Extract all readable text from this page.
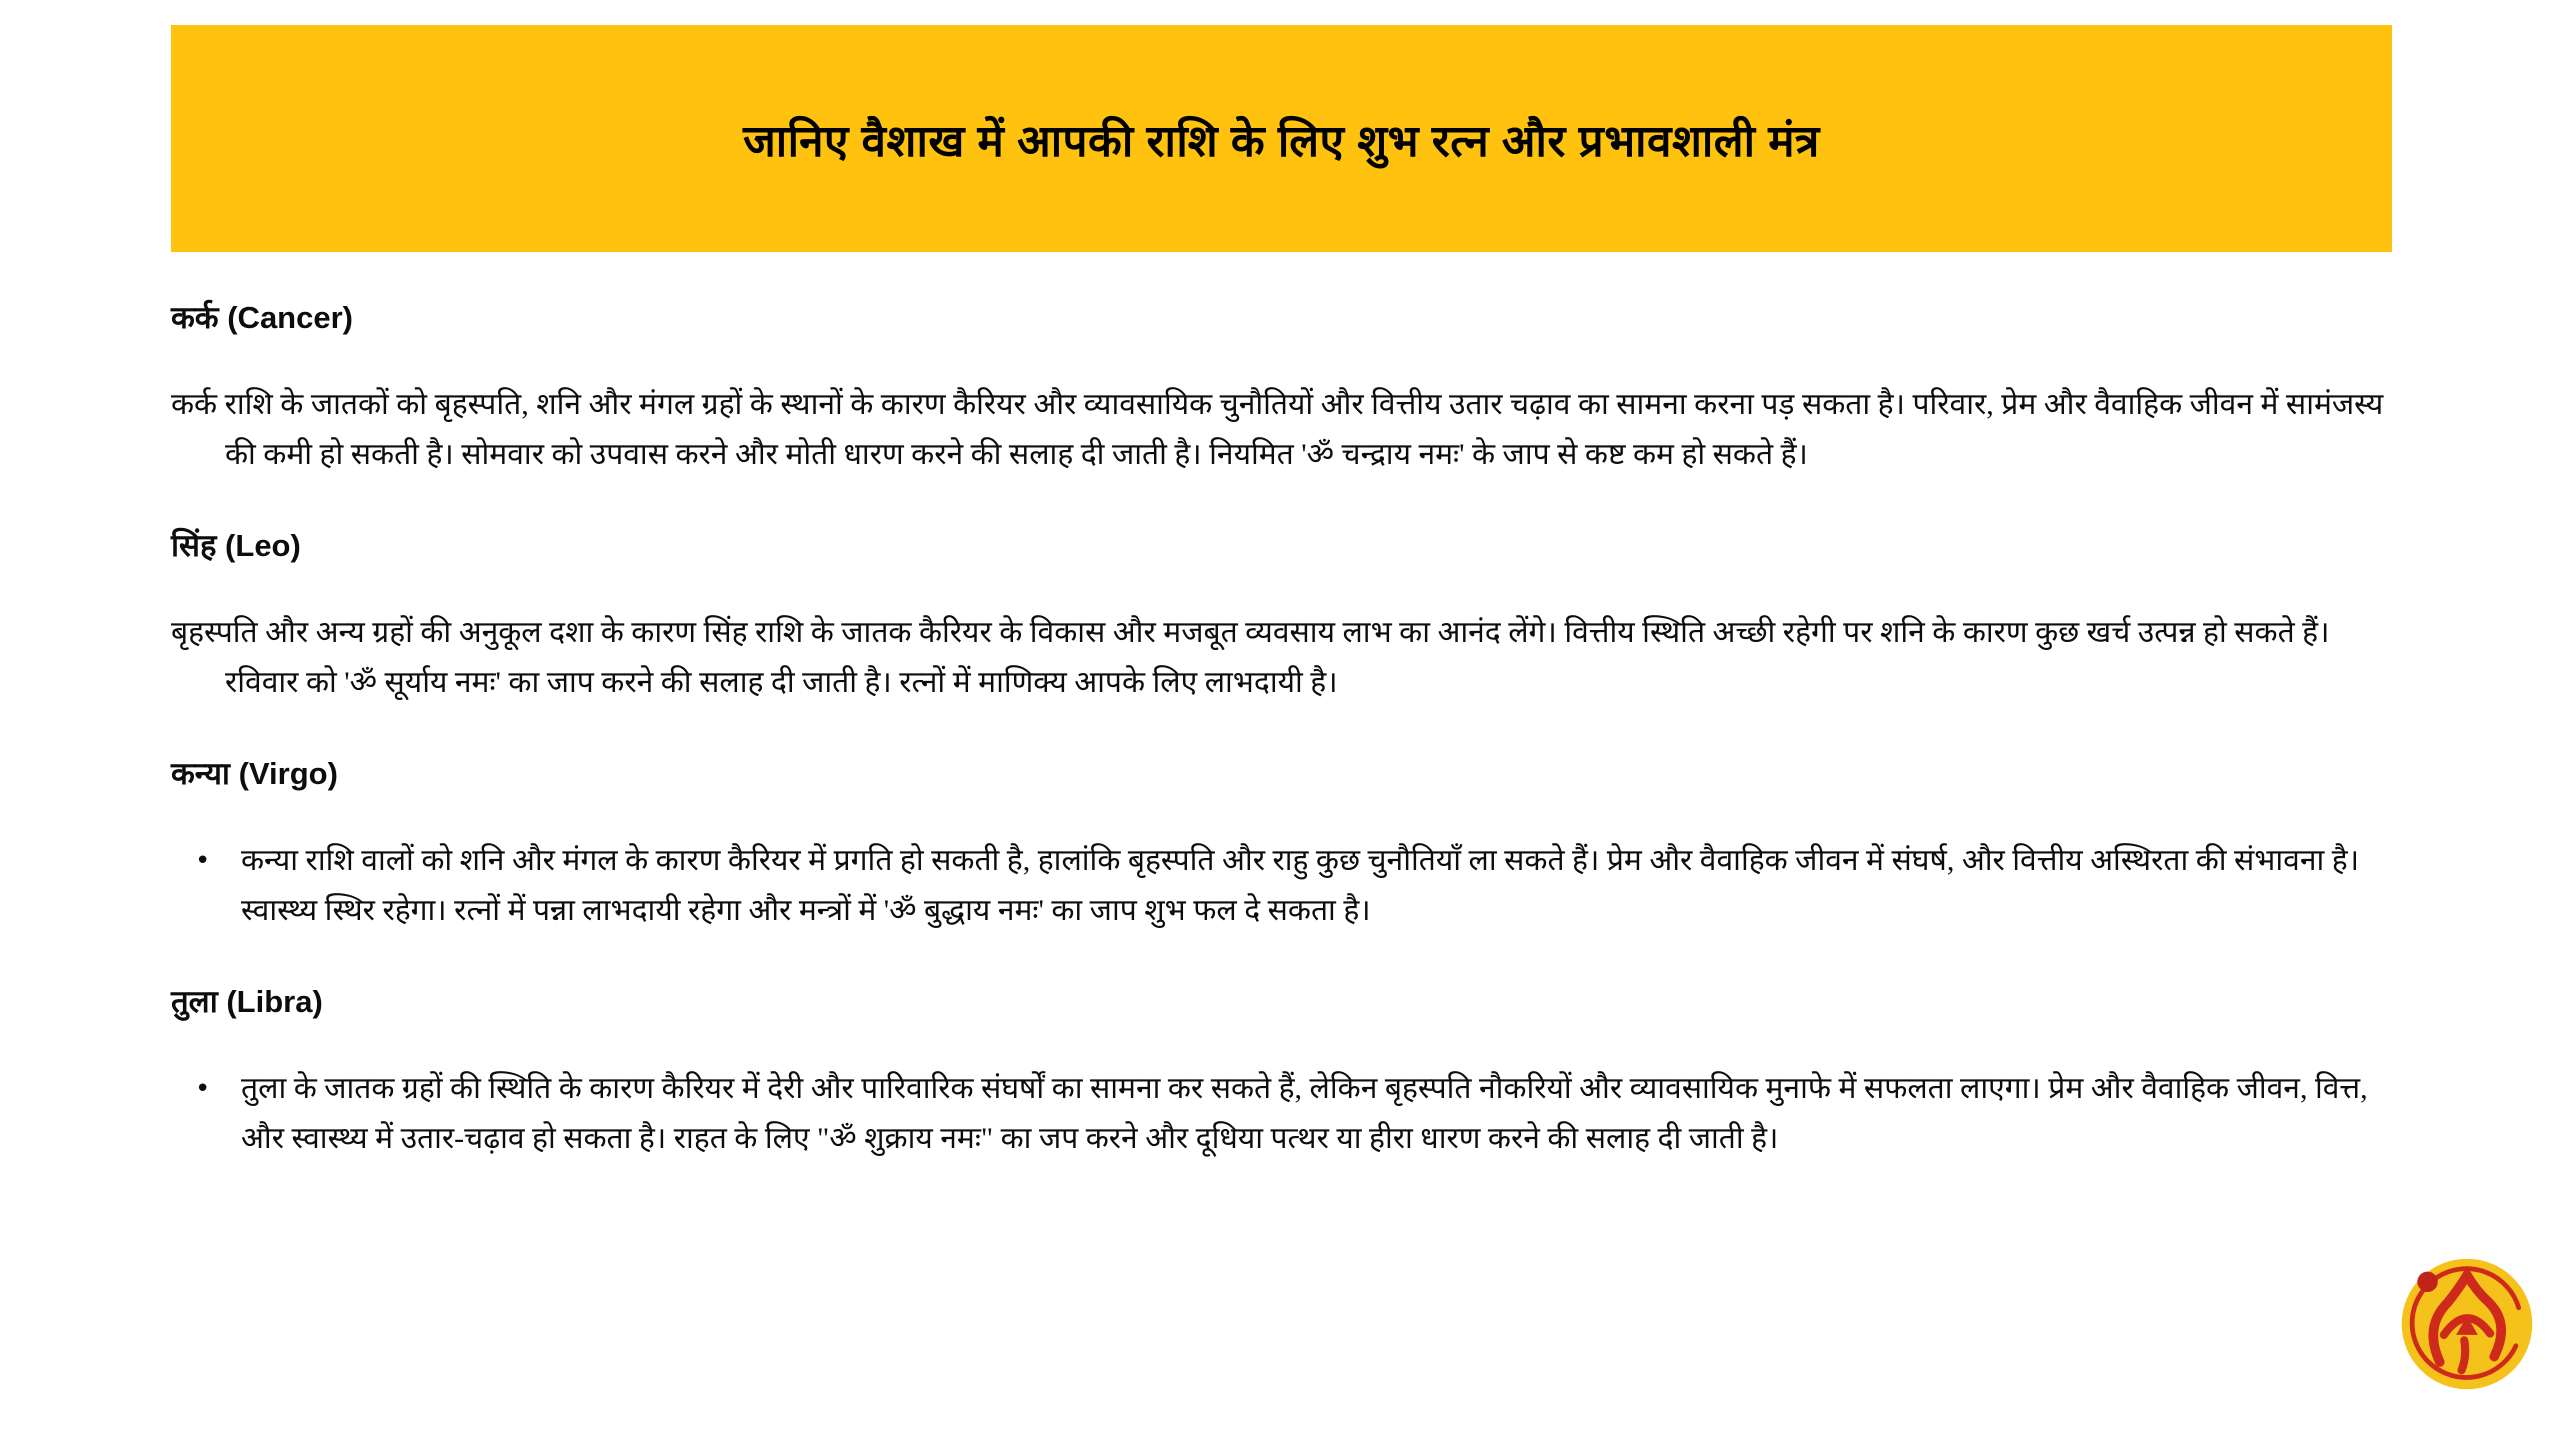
जानिए वैशाख में आपकी राशि के लिए शुभ रत्न और प्रभावशाली मंत्र
कर्क (Cancer)
कर्क राशि के जातकों को बृहस्पति, शनि और मंगल ग्रहों के स्थानों के कारण कैरियर और व्यावसायिक चुनौतियों और वित्तीय उतार चढ़ाव का सामना करना पड़ सकता है। परिवार, प्रेम और वैवाहिक जीवन में सामंजस्य की कमी हो सकती है। सोमवार को उपवास करने और मोती धारण करने की सलाह दी जाती है। नियमित 'ॐ चन्द्राय नमः' के जाप से कष्ट कम हो सकते हैं।
सिंह (Leo)
बृहस्पति और अन्य ग्रहों की अनुकूल दशा के कारण सिंह राशि के जातक कैरियर के विकास और मजबूत व्यवसाय लाभ का आनंद लेंगे। वित्तीय स्थिति अच्छी रहेगी पर शनि के कारण कुछ खर्च उत्पन्न हो सकते हैं। रविवार को 'ॐ सूर्याय नमः' का जाप करने की सलाह दी जाती है। रत्नों में माणिक्य आपके लिए लाभदायी है।
कन्या (Virgo)
• कन्या राशि वालों को शनि और मंगल के कारण कैरियर में प्रगति हो सकती है, हालांकि बृहस्पति और राहु कुछ चुनौतियाँ ला सकते हैं। प्रेम और वैवाहिक जीवन में संघर्ष, और वित्तीय अस्थिरता की संभावना है। स्वास्थ्य स्थिर रहेगा। रत्नों में पन्ना लाभदायी रहेगा और मन्त्रों में 'ॐ बुद्धाय नमः' का जाप शुभ फल दे सकता है।
तुला (Libra)
• तुला के जातक ग्रहों की स्थिति के कारण कैरियर में देरी और पारिवारिक संघर्षों का सामना कर सकते हैं, लेकिन बृहस्पति नौकरियों और व्यावसायिक मुनाफे में सफलता लाएगा। प्रेम और वैवाहिक जीवन, वित्त, और स्वास्थ्य में उतार-चढ़ाव हो सकता है। राहत के लिए "ॐ शुक्राय नमः" का जप करने और दूधिया पत्थर या हीरा धारण करने की सलाह दी जाती है।
